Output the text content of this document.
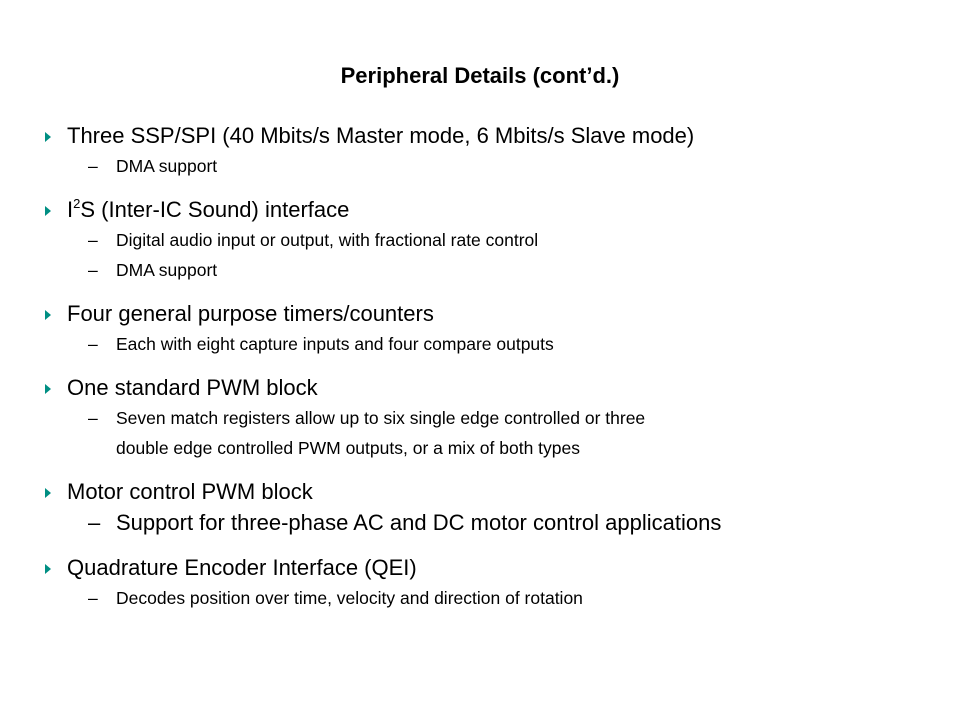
Peripheral Details (cont’d.)
Three SSP/SPI (40 Mbits/s Master mode, 6 Mbits/s Slave mode)
– DMA support
$I^2S$ (Inter-IC Sound) interface
– Digital audio input or output, with fractional rate control
– DMA support
Four general purpose timers/counters
– Each with eight capture inputs and four compare outputs
One standard PWM block
– Seven match registers allow up to six single edge controlled or three
double edge controlled PWM outputs, or a mix of both types
Motor control PWM block
– Support for three-phase AC and DC motor control applications
Quadrature Encoder Interface (QEI)
– Decodes position over time, velocity and direction of rotation
